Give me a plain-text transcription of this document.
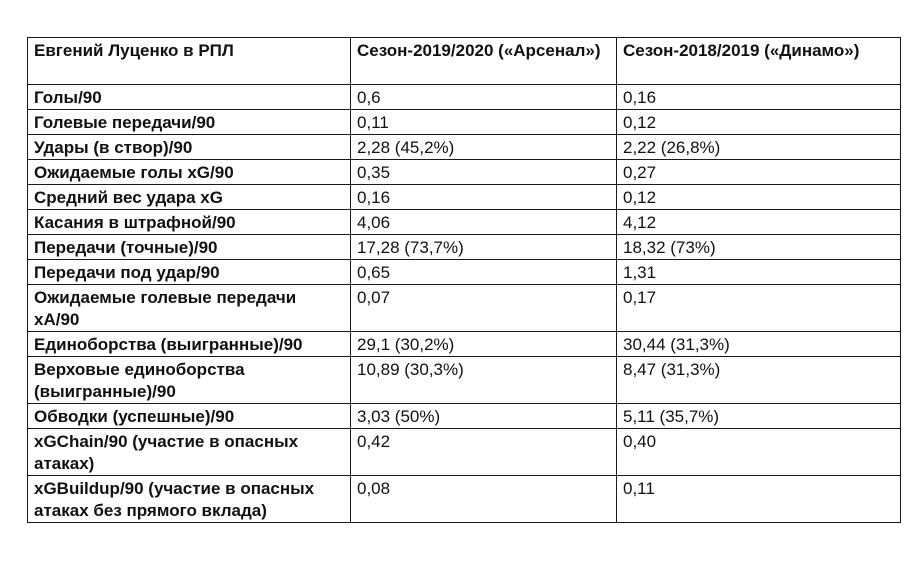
Евгений Луценко в РПЛ	Сезон-2019/2020 («Арсенал»)	Сезон-2018/2019 («Динамо»)
Голы/90	0,6	0,16
Голевые передачи/90	0,11	0,12
Удары (в створ)/90	2,28 (45,2%)	2,22 (26,8%)
Ожидаемые голы xG/90	0,35	0,27
Средний вес удара xG	0,16	0,12
Касания в штрафной/90	4,06	4,12
Передачи (точные)/90	17,28 (73,7%)	18,32 (73%)
Передачи под удар/90	0,65	1,31
Ожидаемые голевые передачи xA/90	0,07	0,17
Единоборства (выигранные)/90	29,1 (30,2%)	30,44 (31,3%)
Верховые единоборства (выигранные)/90	10,89 (30,3%)	8,47 (31,3%)
Обводки (успешные)/90	3,03 (50%)	5,11 (35,7%)
xGChain/90 (участие в опасных атаках)	0,42	0,40
xGBuildup/90 (участие в опасных атаках без прямого вклада)	0,08	0,11
